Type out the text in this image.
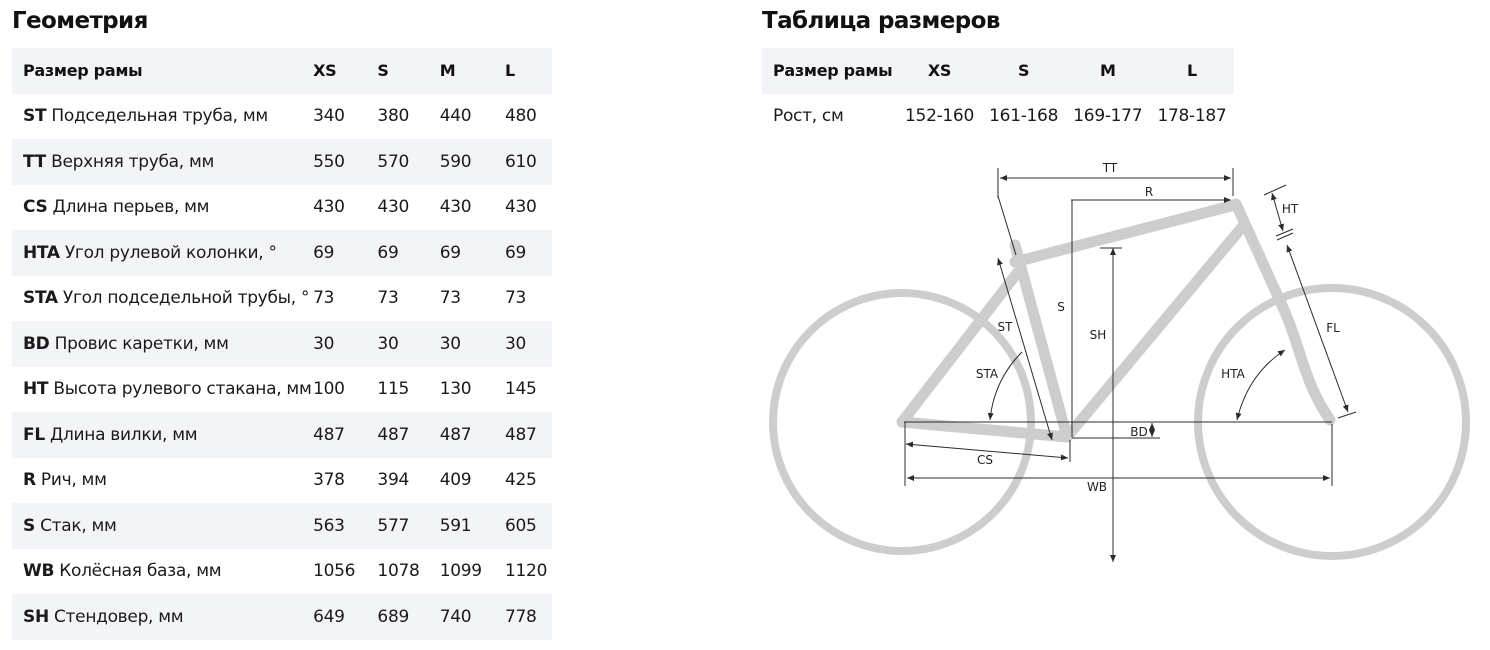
Геометрия
Размер рамы	XS	S	M	L
ST Подседельная труба, мм	340	380	440	480
TT Верхняя труба, мм	550	570	590	610
CS Длина перьев, мм	430	430	430	430
HTA Угол рулевой колонки, °	69	69	69	69
STA Угол подседельной трубы, °	73	73	73	73
BD Провис каретки, мм	30	30	30	30
HT Высота рулевого стакана, мм	100	115	130	145
FL Длина вилки, мм	487	487	487	487
R Рич, мм	378	394	409	425
S Стак, мм	563	577	591	605
WB Колёсная база, мм	1056	1078	1099	1120
SH Стендовер, мм	649	689	740	778
Таблица размеров
Размер рамы	XS	S	M	L
Рост, см	152-160	161-168	169-177	178-187
TT
R
HT
S
ST
SH	FL
STA	HTA
BD
CS
WB
